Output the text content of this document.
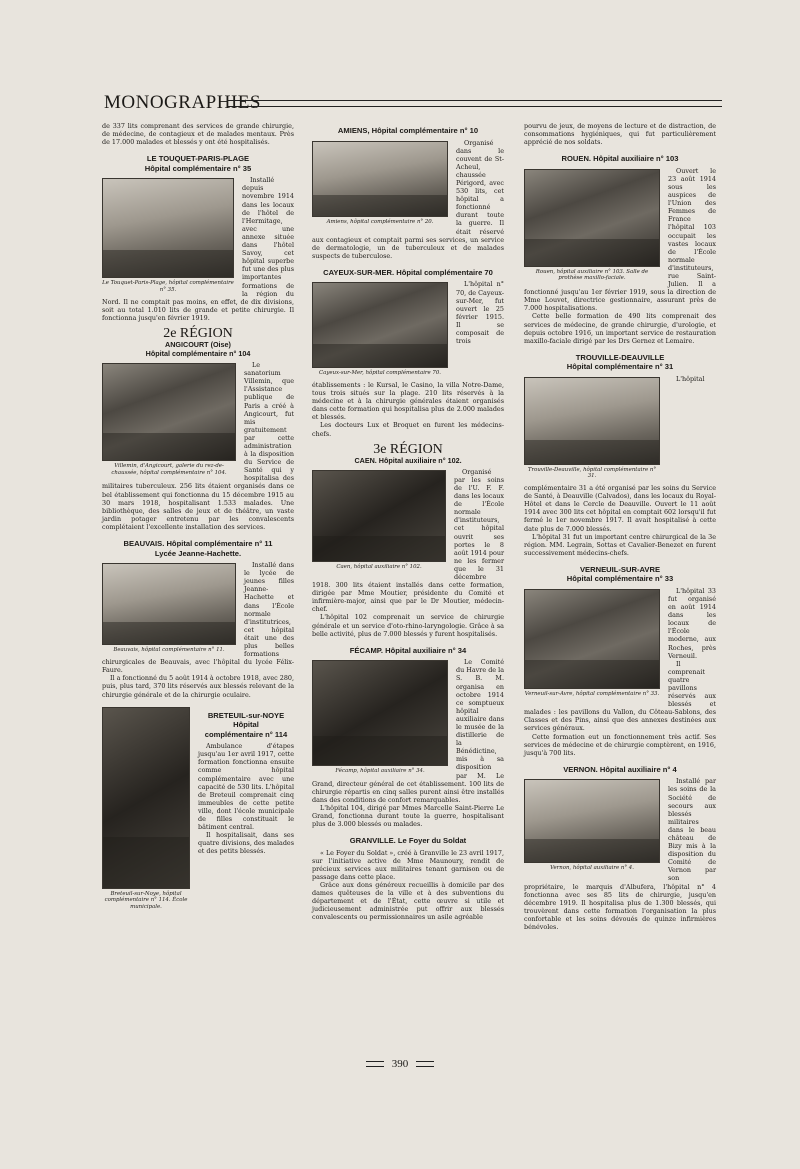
MONOGRAPHIES

de 337 lits comprenant des services de grande chirurgie, de médecine, de contagieux et de malades mentaux. Près de 17.000 malades et blessés y ont été hospitalisés.

LE TOUQUET-PARIS-PLAGE
Hôpital complémentaire n° 35
Le Touquet-Paris-Plage, hôpital complémentaire n° 35.

Installé depuis novembre 1914 dans les locaux de l'hôtel de l'Hermitage, avec une annexe située dans l'hôtel Savoy, cet hôpital superbe fut une des plus importantes formations de la région du Nord. Il ne comptait pas moins, en effet, de dix divisions, soit au total 1.010 lits de grande et petite chirurgie. Il fonctionna jusqu'en février 1919.

2e RÉGION
ANGICOURT (Oise)
Hôpital complémentaire n° 104
Villemin, d'Angicourt, galerie du rez-de-chaussée, hôpital complémentaire n° 104.

Le sanatorium Villemin, que l'Assistance publique de Paris a créé à Angicourt, fut mis gratuitement par cette administration à la disposition du Service de Santé qui y hospitalisa des militaires tuberculeux. 256 lits étaient organisés dans ce bel établissement qui fonctionna du 15 décembre 1915 au 30 mars 1918, hospitalisant 1.533 malades. Une bibliothèque, des salles de jeux et de théâtre, un vaste jardin potager entretenu par les convalescents complétaient l'excellente installation des services.

BEAUVAIS. Hôpital complémentaire n° 11
Lycée Jeanne-Hachette.
Beauvais, hôpital complémentaire n° 11.

Installé dans le lycée de jeunes filles Jeanne-Hachette et dans l'École normale d'institutrices, cet hôpital était une des plus belles formations chirurgicales de Beauvais, avec l'hôpital du lycée Félix-Faure.

Il a fonctionné du 5 août 1914 à octobre 1918, avec 280, puis, plus tard, 370 lits réservés aux blessés relevant de la chirurgie générale et de la chirurgie oculaire.

Breteuil-sur-Noye, hôpital complémentaire n° 114. École municipale.
BRETEUIL-sur-NOYE
Hôpital
complémentaire n° 114

Ambulance d'étapes jusqu'au 1er avril 1917, cette formation fonctionna ensuite comme hôpital complémentaire avec une capacité de 530 lits. L'hôpital de Breteuil comprenait cinq immeubles de cette petite ville, dont l'école municipale de filles constituait le bâtiment central.

Il hospitalisait, dans ses quatre divisions, des malades et des petits blessés.

AMIENS, Hôpital complémentaire n° 10
Amiens, hôpital complémentaire n° 20.

Organisé dans le couvent de St-Acheul, chaussée Périgord, avec 530 lits, cet hôpital a fonctionné durant toute la guerre. Il était réservé aux contagieux et comptait parmi ses services, un service de dermatologie, un de tuberculeux et de malades suspects de tuberculose.

CAYEUX-SUR-MER. Hôpital complémentaire 70
Cayeux-sur-Mer, hôpital complémentaire 70.

L'hôpital n° 70, de Cayeux-sur-Mer, fut ouvert le 25 février 1915. Il se composait de trois établissements : le Kursal, le Casino, la villa Notre-Dame, tous trois situés sur la plage. 210 lits réservés à la médecine et à la chirurgie générales étaient organisés dans cette formation qui hospitalisa plus de 2.000 malades et blessés.

Les docteurs Lux et Broquet en furent les médecins-chefs.

3e RÉGION
CAEN. Hôpital auxiliaire n° 102.
Caen, hôpital auxiliaire n° 102.

Organisé par les soins de l'U. F. F. dans les locaux de l'École normale d'instituteurs, cet hôpital ouvrit ses portes le 8 août 1914 pour ne les fermer que le 31 décembre 1918. 300 lits étaient installés dans cette formation, dirigée par Mme Moutier, présidente du Comité et infirmière-major, ainsi que par le Dr Moutier, médecin-chef.

L'hôpital 102 comprenait un service de chirurgie générale et un service d'oto-rhino-laryngologie. Grâce à sa belle activité, plus de 7.000 blessés y furent hospitalisés.

FÉCAMP. Hôpital auxiliaire n° 34
Fécamp, hôpital auxiliaire n° 34.

Le Comité du Havre de la S. B. M. organisa en octobre 1914 ce somptueux hôpital auxiliaire dans le musée de la distillerie de la Bénédictine, mis à sa disposition par M. Le Grand, directeur général de cet établissement. 100 lits de chirurgie répartis en cinq salles purent ainsi être installés dans des conditions de confort remarquables.

L'hôpital 104, dirigé par Mmes Marcelle Saint-Pierre Le Grand, fonctionna durant toute la guerre, hospitalisant plus de 3.000 blessés ou malades.

GRANVILLE. Le Foyer du Soldat

« Le Foyer du Soldat », créé à Granville le 23 avril 1917, sur l'initiative active de Mme Maunoury, rendit de précieux services aux militaires tenant garnison ou de passage dans cette place.

Grâce aux dons généreux recueillis à domicile par des dames quêteuses de la ville et à des subventions du département et de l'État, cette œuvre si utile et judicieusement administrée put offrir aux blessés convalescents ou permissionnaires un asile agréable

pourvu de jeux, de moyens de lecture et de distraction, de consommations hygiéniques, qui fut particulièrement apprécié de nos soldats.

ROUEN. Hôpital auxiliaire n° 103
Rouen, hôpital auxiliaire n° 103. Salle de prothèse maxillo-faciale.

Ouvert le 23 août 1914 sous les auspices de l'Union des Femmes de France l'hôpital 103 occupait les vastes locaux de l'École normale d'instituteurs, rue Saint-Julien. Il a fonctionné jusqu'au 1er février 1919, sous la direction de Mme Louvet, directrice gestionnaire, assurant près de 7.000 hospitalisations.

Cette belle formation de 490 lits comprenait des services de médecine, de grande chirurgie, d'urologie, et depuis octobre 1916, un important service de restauration maxillo-faciale dirigé par les Drs Gernez et Lemaire.

TROUVILLE-DEAUVILLE
Hôpital complémentaire n° 31
Trouville-Deauville, hôpital complémentaire n° 31.

L'hôpital complémentaire 31 a été organisé par les soins du Service de Santé, à Deauville (Calvados), dans les locaux du Royal-Hôtel et dans le Cercle de Deauville. Ouvert le 11 août 1914 avec 300 lits cet hôpital en comptait 602 lorsqu'il fut fermé le 1er novembre 1917. Il avait hospitalisé à cette date plus de 7.000 blessés.

L'hôpital 31 fut un important centre chirurgical de la 3e région. MM. Legrain, Sottas et Cavalier-Benezet en furent successivement médecins-chefs.

VERNEUIL-SUR-AVRE
Hôpital complémentaire n° 33
Verneuil-sur-Avre, hôpital complémentaire n° 33.

L'hôpital 33 fut organisé en août 1914 dans les locaux de l'École moderne, aux Roches, près Verneuil.

Il comprenait quatre pavillons réservés aux blessés et malades : les pavillons du Vallon, du Côteau-Sablons, des Classes et des Pins, ainsi que des annexes destinées aux services généraux.

Cette formation eut un fonctionnement très actif. Ses services de médecine et de chirurgie comptèrent, en 1916, jusqu'à 700 lits.

VERNON. Hôpital auxiliaire n° 4
Vernon, hôpital auxiliaire n° 4.

Installé par les soins de la Société de secours aux blessés militaires dans le beau château de Bizy mis à la disposition du Comité de Vernon par son propriétaire, le marquis d'Albufera, l'hôpital n° 4 fonctionna avec ses 85 lits de chirurgie, jusqu'en décembre 1919. Il hospitalisa plus de 1.300 blessés, qui trouvèrent dans cette formation l'organisation la plus confortable et les soins dévoués de quinze infirmières bénévoles.

390
